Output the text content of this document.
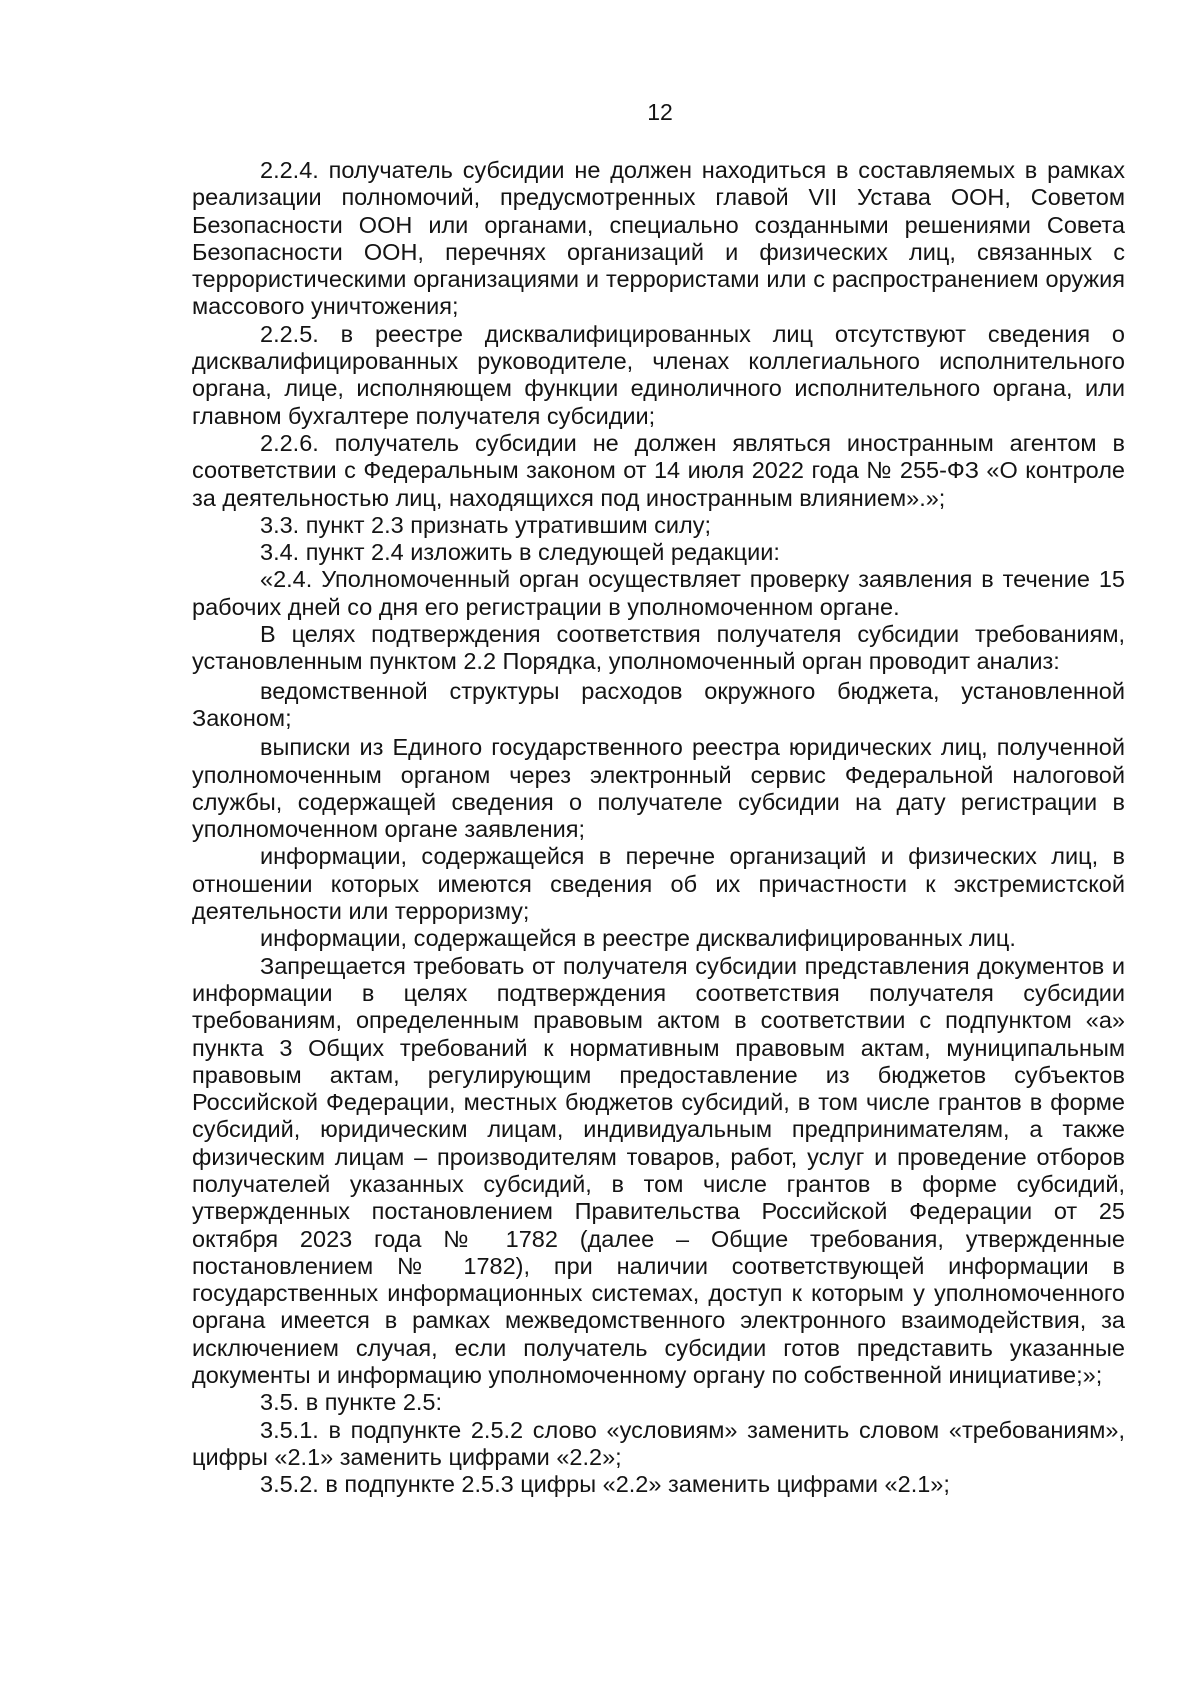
12

2.2.4. получатель субсидии не должен находиться в составляемых в рамках реализации полномочий, предусмотренных главой VII Устава ООН, Советом Безопасности ООН или органами, специально созданными решениями Совета Безопасности ООН, перечнях организаций и физических лиц, связанных с террористическими организациями и террористами или с распространением оружия массового уничтожения;

2.2.5. в реестре дисквалифицированных лиц отсутствуют сведения о дисквалифицированных руководителе, членах коллегиального исполнительного органа, лице, исполняющем функции единоличного исполнительного органа, или главном бухгалтере получателя субсидии;

2.2.6. получатель субсидии не должен являться иностранным агентом в соответствии с Федеральным законом от 14 июля 2022 года № 255-ФЗ «О контроле за деятельностью лиц, находящихся под иностранным влиянием».»;

3.3. пункт 2.3 признать утратившим силу;

3.4. пункт 2.4 изложить в следующей редакции:

«2.4. Уполномоченный орган осуществляет проверку заявления в течение 15 рабочих дней со дня его регистрации в уполномоченном органе.

В целях подтверждения соответствия получателя субсидии требованиям, установленным пунктом 2.2 Порядка, уполномоченный орган проводит анализ:

ведомственной структуры расходов окружного бюджета, установленной Законом;

выписки из Единого государственного реестра юридических лиц, полученной уполномоченным органом через электронный сервис Федеральной налоговой службы, содержащей сведения о получателе субсидии на дату регистрации в уполномоченном органе заявления;

информации, содержащейся в перечне организаций и физических лиц, в отношении которых имеются сведения об их причастности к экстремистской деятельности или терроризму;

информации, содержащейся в реестре дисквалифицированных лиц.

Запрещается требовать от получателя субсидии представления документов и информации в целях подтверждения соответствия получателя субсидии требованиям, определенным правовым актом в соответствии с подпунктом «а» пункта 3 Общих требований к нормативным правовым актам, муниципальным правовым актам, регулирующим предоставление из бюджетов субъектов Российской Федерации, местных бюджетов субсидий, в том числе грантов в форме субсидий, юридическим лицам, индивидуальным предпринимателям, а также физическим лицам – производителям товаров, работ, услуг и проведение отборов получателей указанных субсидий, в том числе грантов в форме субсидий, утвержденных постановлением Правительства Российской Федерации от 25 октября 2023 года № 1782 (далее – Общие требования, утвержденные постановлением № 1782), при наличии соответствующей информации в государственных информационных системах, доступ к которым у уполномоченного органа имеется в рамках межведомственного электронного взаимодействия, за исключением случая, если получатель субсидии готов представить указанные документы и информацию уполномоченному органу по собственной инициативе;»;

3.5. в пункте 2.5:

3.5.1. в подпункте 2.5.2 слово «условиям» заменить словом «требованиям», цифры «2.1» заменить цифрами «2.2»;

3.5.2. в подпункте 2.5.3 цифры «2.2» заменить цифрами «2.1»;
